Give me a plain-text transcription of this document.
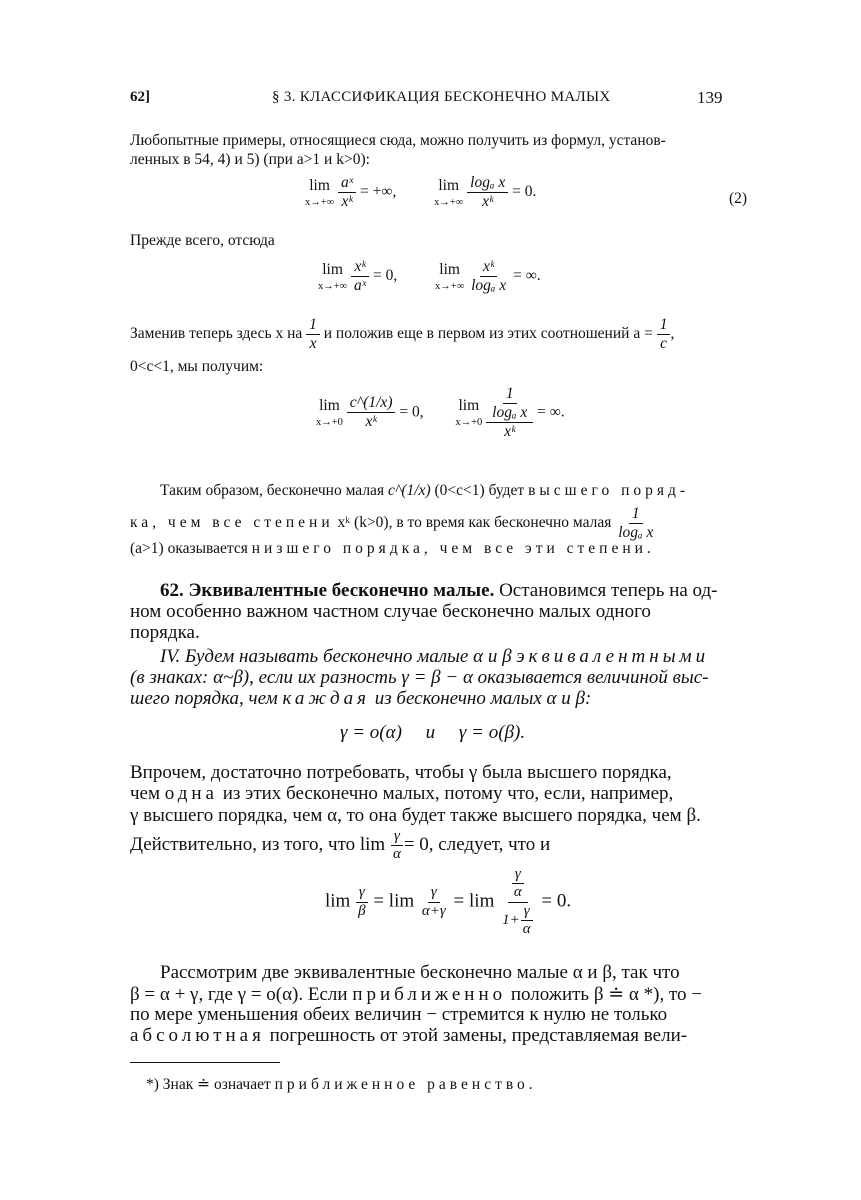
62]	§ 3. КЛАССИФИКАЦИЯ БЕСКОНЕЧНО МАЛЫХ	139
Любопытные примеры, относящиеся сюда, можно получить из формул, установ-
ленных в 54, 4) и 5) (при a>1 и k>0):
lim
x→+∞
$\frac{\text{aˣ}}{\text{xᵏ}}$ = +∞,	lim
x→+∞
$\frac{\text{logₐ x}}{\text{xᵏ}} = 0$.	(2)
Прежде всего, отсюда
lim
x→+∞
$\frac{\text{xᵏ}}{\text{aˣ}} = 0$,	lim
x→+∞
$\frac{\text{xᵏ}}{\text{logₐ x}}$ = ∞.
Заменив теперь здесь x на $\frac{1}{x}$ и положив еще в первом из этих соотношений $a = \frac{1}{c}$ ,
0<c<1, мы получим:
lim
x→+0
$\frac{c\^{}(1/x)}{\text{xᵏ}} = 0$, lim
x→+0
$\frac{\frac{1}{\text{logₐ x}}}{\text{xᵏ}}$ = ∞.
Таким образом, бесконечно малая c^(1/x) (0<c<1) будет высшего поряд-
ка, чем все степени xᵏ (k>0), в то время как бесконечно малая $\frac{1}{\text{logₐ x}}$
(a>1) оказывается низшего порядка, чем все эти степени.
62. Эквивалентные бесконечно малые. Остановимся теперь на од-
ном особенно важном частном случае бесконечно малых одного
порядка.
IV. Будем называть бесконечно малые α и β эквивалентными
(в знаках: α~β), если их разность γ = β − α оказывается величиной выс-
шего порядка, чем каждая из бесконечно малых α и β:
γ = o(α)     и     γ = o(β).
Впрочем, достаточно потребовать, чтобы γ была высшего порядка,
чем одна из этих бесконечно малых, потому что, если, например,
γ высшего порядка, чем α, то она будет также высшего порядка, чем β.
Действительно, из того, что $\lim \frac{\gamma}{\alpha} = 0$, следует, что и
$\lim \frac{\gamma}{\beta} = \lim \frac{\gamma}{\alpha+\gamma} = \lim \frac{\frac{\gamma}{\alpha}}{1+ \frac{\gamma}{\alpha}} = 0$.
Рассмотрим две эквивалентные бесконечно малые α и β, так что
β = α + γ, где γ = o(α). Если приближенно положить β ≐ α *), то −
по мере уменьшения обеих величин − стремится к нулю не только
абсолютная погрешность от этой замены, представляемая вели-
*) Знак ≐ означает приближенное равенство.
